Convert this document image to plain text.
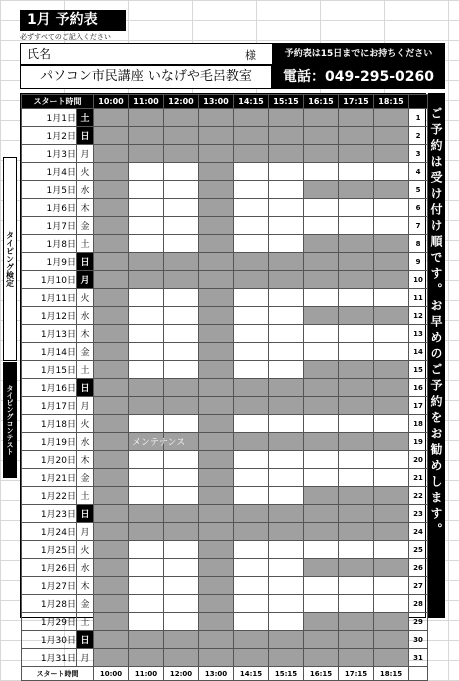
1月 予約表
必ずすべてのご記入ください
氏名	様	予約表は15日までにお持ちください
パソコン市民講座 いなげや毛呂教室	電話：049-295-0260
スタート時間		10:00	11:00	12:00	13:00	14:15	15:15	16:15	17:15	18:15	
1月1日	土										1
1月2日	日										2
1月3日	月										3
1月4日	火										4
1月5日	水										5
1月6日	木										6
1月7日	金										7
1月8日	土										8
1月9日	日										9
1月10日	月										10
1月11日	火										11
1月12日	水										12
1月13日	木										13
1月14日	金										14
1月15日	土										15
1月16日	日										16
1月17日	月										17
1月18日	火										18
1月19日	水			メンテナンス							19
1月20日	木										20
1月21日	金										21
1月22日	土										22
1月23日	日										23
1月24日	月										24
1月25日	火										25
1月26日	水										26
1月27日	木										27
1月28日	金										28
1月29日	土										29
1月30日	日										30
1月31日	月										31
スタート時間		10:00	11:00	12:00	13:00	14:15	15:15	16:15	17:15	18:15	
ご予約は受け付け順です。お早めのご予約をお勧めします。
タイピング検定
タイピングコンテスト
